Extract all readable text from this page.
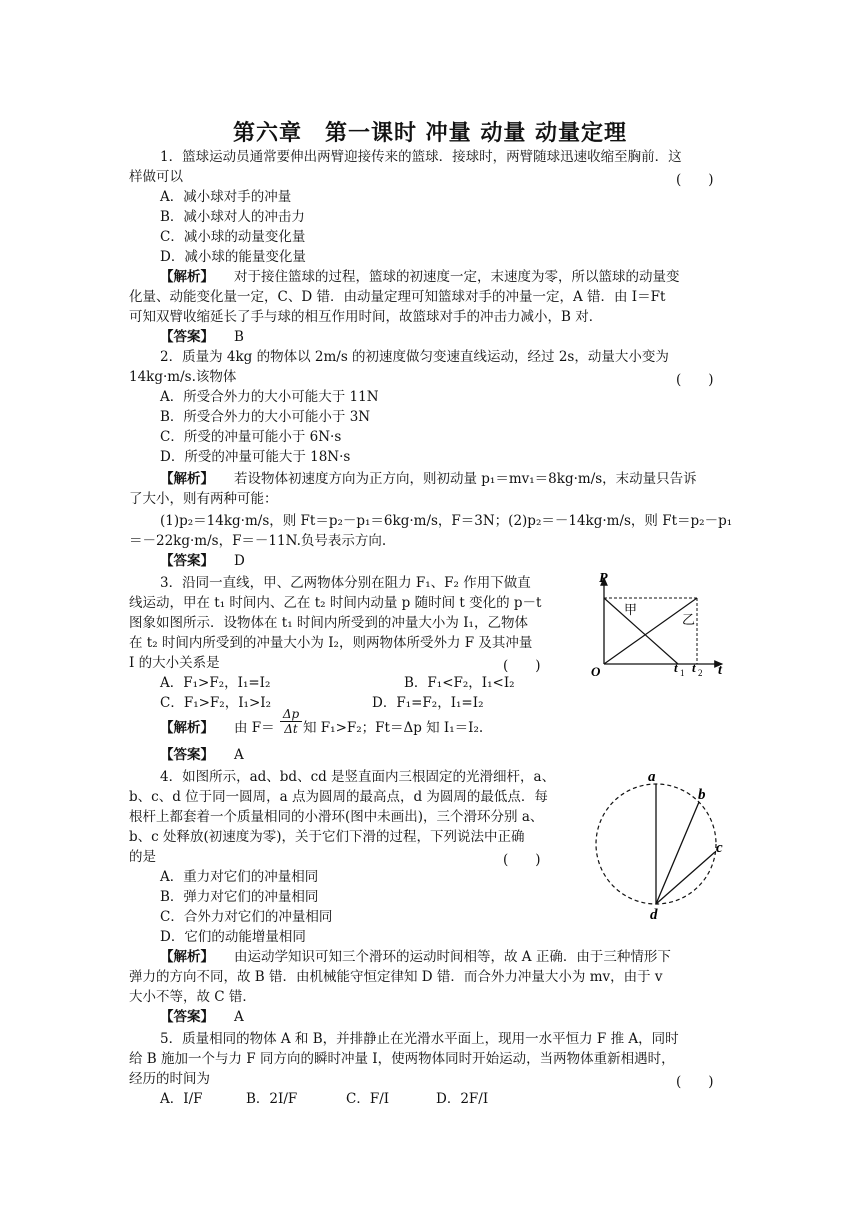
第六章　第一课时 冲量 动量 动量定理
1．篮球运动员通常要伸出两臂迎接传来的篮球．接球时，两臂随球迅速收缩至胸前．这
样做可以	(　　)
A．减小球对手的冲量
B．减小球对人的冲击力
C．减小球的动量变化量
D．减小球的能量变化量
【解析】 对于接住篮球的过程，篮球的初速度一定，末速度为零，所以篮球的动量变
化量、动能变化量一定，C、D 错．由动量定理可知篮球对手的冲量一定，A 错．由 I＝Ft
可知双臂收缩延长了手与球的相互作用时间，故篮球对手的冲击力减小，B 对．
【答案】 B
2．质量为 4kg 的物体以 2m/s 的初速度做匀变速直线运动，经过 2s，动量大小变为
14kg·m/s.该物体	(　　)
A．所受合外力的大小可能大于 11N
B．所受合外力的大小可能小于 3N
C．所受的冲量可能小于 6N·s
D．所受的冲量可能大于 18N·s
【解析】 若设物体初速度方向为正方向，则初动量 p₁＝mv₁＝8kg·m/s，末动量只告诉
了大小，则有两种可能：
(1)p₂＝14kg·m/s，则 Ft＝p₂－p₁＝6kg·m/s，F＝3N；(2)p₂＝－14kg·m/s，则 Ft＝p₂－p₁
＝－22kg·m/s，F＝－11N.负号表示方向.
【答案】 D
3．沿同一直线，甲、乙两物体分别在阻力 F₁、F₂ 作用下做直
线运动，甲在 t₁ 时间内、乙在 t₂ 时间内动量 p 随时间 t 变化的 p－t
图象如图所示．设物体在 t₁ 时间内所受到的冲量大小为 I₁，乙物体
在 t₂ 时间内所受到的冲量大小为 I₂，则两物体所受外力 F 及其冲量
I 的大小关系是	(　　)
A．F₁>F₂，I₁=I₂	B．F₁<F₂，I₁<I₂
C．F₁>F₂，I₁>I₂	D．F₁=F₂，I₁=I₂
【解析】 由 $F= \frac{\Delta p}{\Delta t}$ 知 F₁>F₂；Ft＝Δp 知 I₁＝I₂.
【答案】 A
P
t
O
甲
乙
t 1 t 2
4．如图所示，ad、bd、cd 是竖直面内三根固定的光滑细杆，a、
b、c、d 位于同一圆周，a 点为圆周的最高点，d 为圆周的最低点．每
根杆上都套着一个质量相同的小滑环(图中未画出)，三个滑环分别 a、
b、c 处释放(初速度为零)，关于它们下滑的过程，下列说法中正确
的是	(　　)
A．重力对它们的冲量相同
B．弹力对它们的冲量相同
C．合外力对它们的冲量相同
D．它们的动能增量相同
【解析】 由运动学知识可知三个滑环的运动时间相等，故 A 正确．由于三种情形下
弹力的方向不同，故 B 错．由机械能守恒定律知 D 错．而合外力冲量大小为 mv，由于 v
大小不等，故 C 错．
【答案】 A
a
b
c
d
5．质量相同的物体 A 和 B，并排静止在光滑水平面上，现用一水平恒力 F 推 A，同时
给 B 施加一个与力 F 同方向的瞬时冲量 I，使两物体同时开始运动，当两物体重新相遇时，
经历的时间为	(　　)
A．I/F	B．2I/F	C．F/I	D．2F/I
